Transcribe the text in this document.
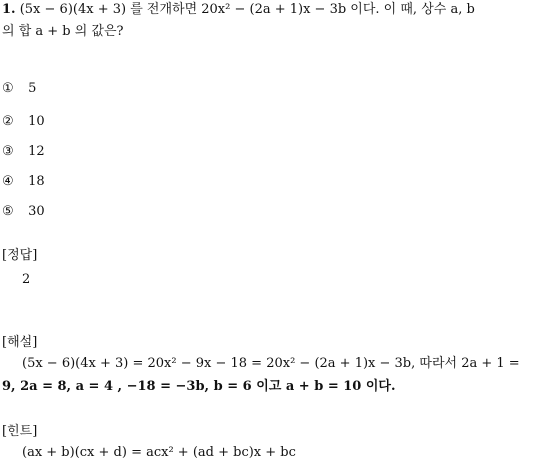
1. (5x − 6)(4x + 3) 를 전개하면 20x² − (2a + 1)x − 3b 이다. 이 때, 상수 a, b
의 합 a + b 의 값은?
① 5
② 10
③ 12
④ 18
⑤ 30
[정답]
2
[해설]
(5x − 6)(4x + 3) = 20x² − 9x − 18 = 20x² − (2a + 1)x − 3b, 따라서 2a + 1 =
9, 2a = 8, a = 4 , −18 = −3b, b = 6 이고 a + b = 10 이다.
[힌트]
(ax + b)(cx + d) = acx² + (ad + bc)x + bc
